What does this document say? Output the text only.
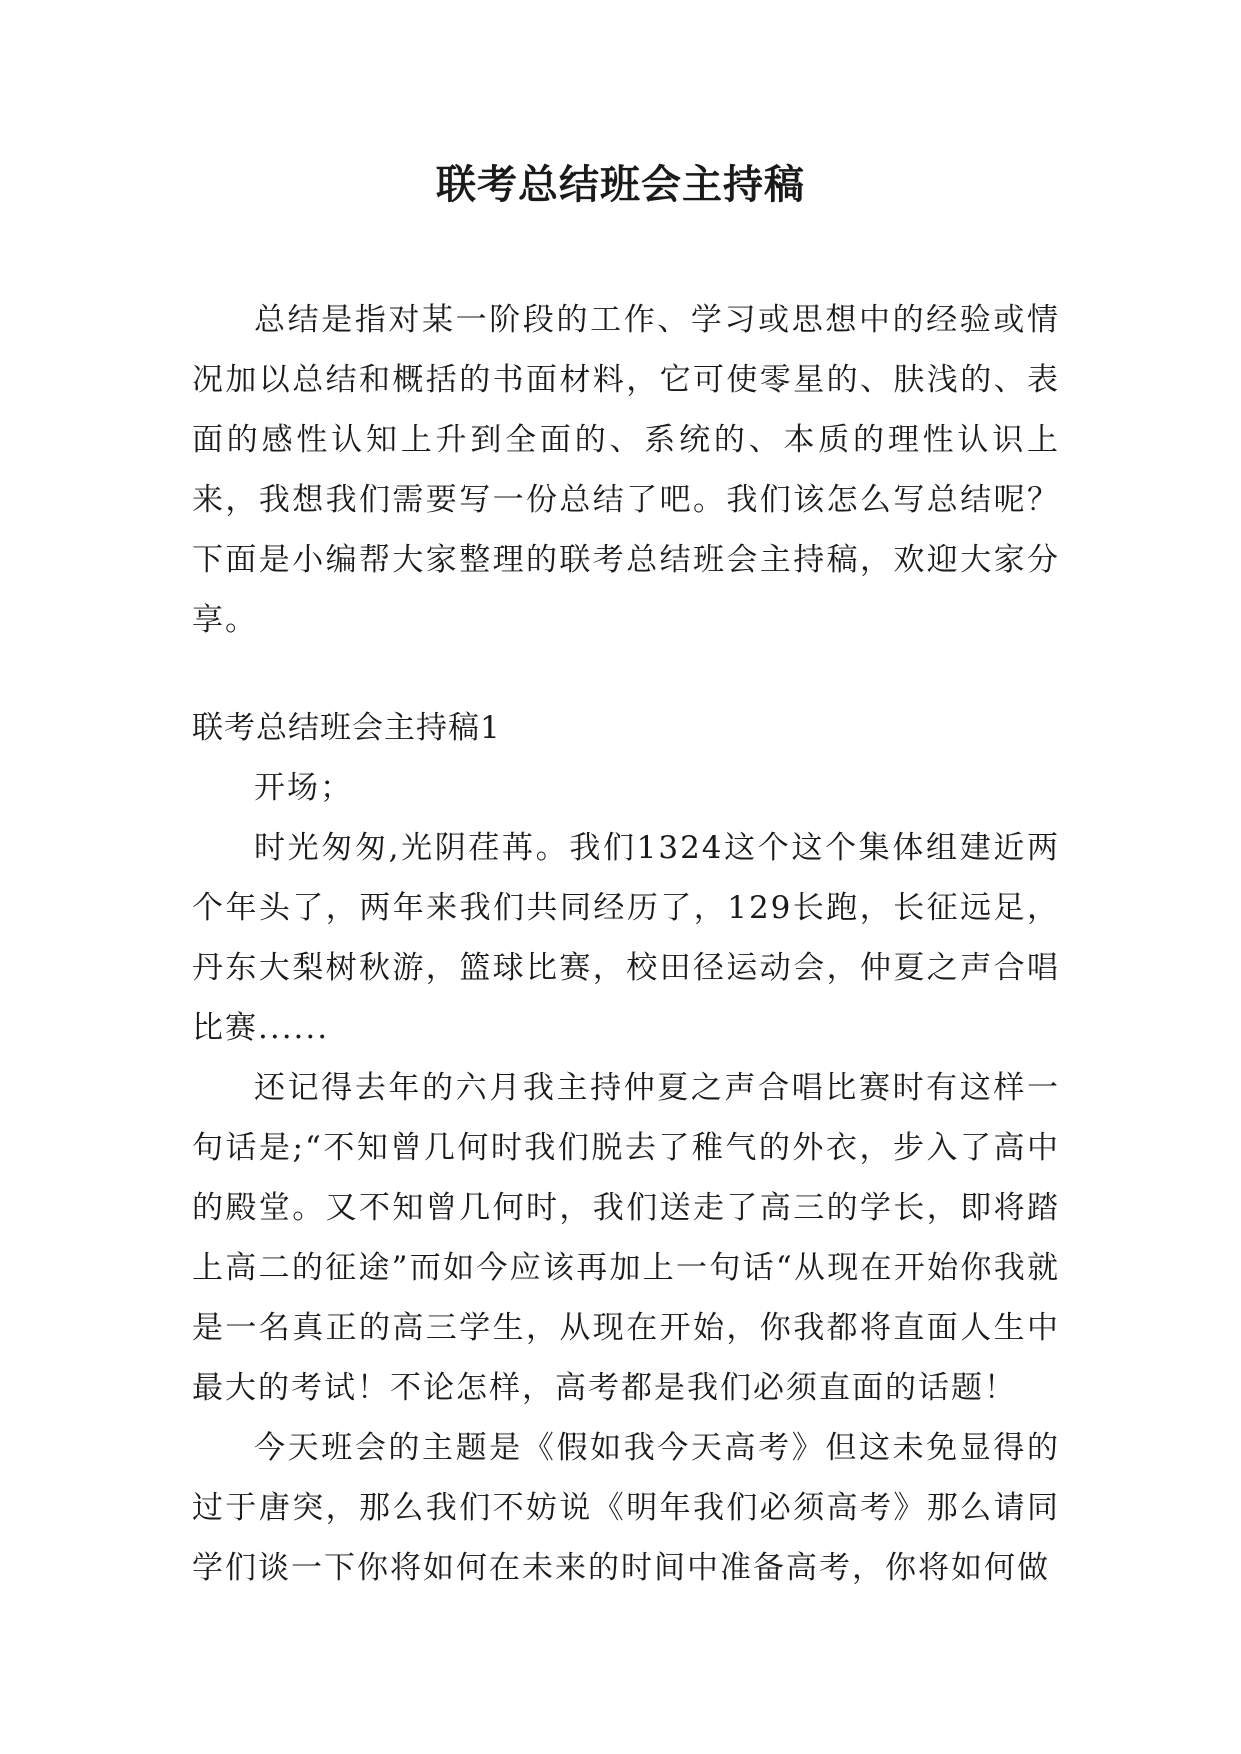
联考总结班会主持稿

总结是指对某一阶段的工作、学习或思想中的经验或情况加以总结和概括的书面材料，它可使零星的、肤浅的、表面的感性认知上升到全面的、系统的、本质的理性认识上来，我想我们需要写一份总结了吧。我们该怎么写总结呢？下面是小编帮大家整理的联考总结班会主持稿，欢迎大家分享。

联考总结班会主持稿1

开场；

时光匆匆,光阴荏苒。我们1324这个这个集体组建近两个年头了，两年来我们共同经历了，129长跑，长征远足，丹东大梨树秋游，篮球比赛，校田径运动会，仲夏之声合唱比赛......

还记得去年的六月我主持仲夏之声合唱比赛时有这样一句话是;“不知曾几何时我们脱去了稚气的外衣，步入了高中的殿堂。又不知曾几何时，我们送走了高三的学长，即将踏上高二的征途”而如今应该再加上一句话“从现在开始你我就是一名真正的高三学生，从现在开始，你我都将直面人生中最大的考试！不论怎样，高考都是我们必须直面的话题！

今天班会的主题是《假如我今天高考》但这未免显得的过于唐突，那么我们不妨说《明年我们必须高考》那么请同学们谈一下你将如何在未来的时间中准备高考，你将如何做
